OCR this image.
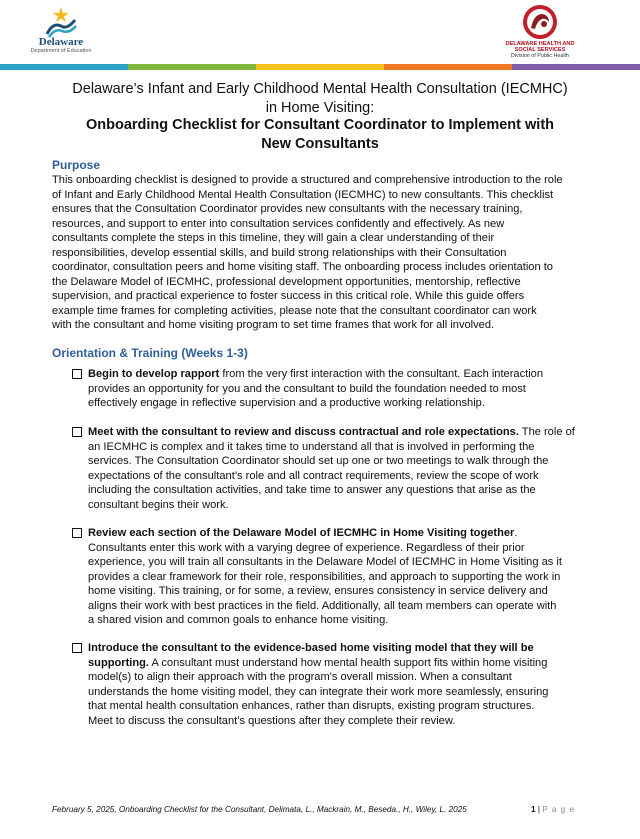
Delaware
Department of Education
DELAWARE HEALTH AND SOCIAL SERVICES
Division of Public Health
Delaware’s Infant and Early Childhood Mental Health Consultation (IECMHC)
in Home Visiting:
Onboarding Checklist for Consultant Coordinator to Implement with
New Consultants
Purpose
This onboarding checklist is designed to provide a structured and comprehensive introduction to the role
of Infant and Early Childhood Mental Health Consultation (IECMHC) to new consultants. This checklist
ensures that the Consultation Coordinator provides new consultants with the necessary training,
resources, and support to enter into consultation services confidently and effectively. As new
consultants complete the steps in this timeline, they will gain a clear understanding of their
responsibilities, develop essential skills, and build strong relationships with their Consultation
coordinator, consultation peers and home visiting staff. The onboarding process includes orientation to
the Delaware Model of IECMHC, professional development opportunities, mentorship, reflective
supervision, and practical experience to foster success in this critical role. While this guide offers
example time frames for completing activities, please note that the consultant coordinator can work
with the consultant and home visiting program to set time frames that work for all involved.
Orientation & Training (Weeks 1-3)
Begin to develop rapport from the very first interaction with the consultant. Each interaction
provides an opportunity for you and the consultant to build the foundation needed to most
effectively engage in reflective supervision and a productive working relationship.
Meet with the consultant to review and discuss contractual and role expectations. The role of
an IECMHC is complex and it takes time to understand all that is involved in performing the
services. The Consultation Coordinator should set up one or two meetings to walk through the
expectations of the consultant’s role and all contract requirements, review the scope of work
including the consultation activities, and take time to answer any questions that arise as the
consultant begins their work.
Review each section of the Delaware Model of IECMHC in Home Visiting together.
Consultants enter this work with a varying degree of experience. Regardless of their prior
experience, you will train all consultants in the Delaware Model of IECMHC in Home Visiting as it
provides a clear framework for their role, responsibilities, and approach to supporting the work in
home visiting. This training, or for some, a review, ensures consistency in service delivery and
aligns their work with best practices in the field. Additionally, all team members can operate with
a shared vision and common goals to enhance home visiting.
Introduce the consultant to the evidence-based home visiting model that they will be
supporting. A consultant must understand how mental health support fits within home visiting
model(s) to align their approach with the program's overall mission. When a consultant
understands the home visiting model, they can integrate their work more seamlessly, ensuring
that mental health consultation enhances, rather than disrupts, existing program structures.
Meet to discuss the consultant’s questions after they complete their review.
February 5, 2025, Onboarding Checklist for the Consultant, Delimata, L., Mackrain, M., Beseda., H., Wiley, L. 2025	1 | P a g e
